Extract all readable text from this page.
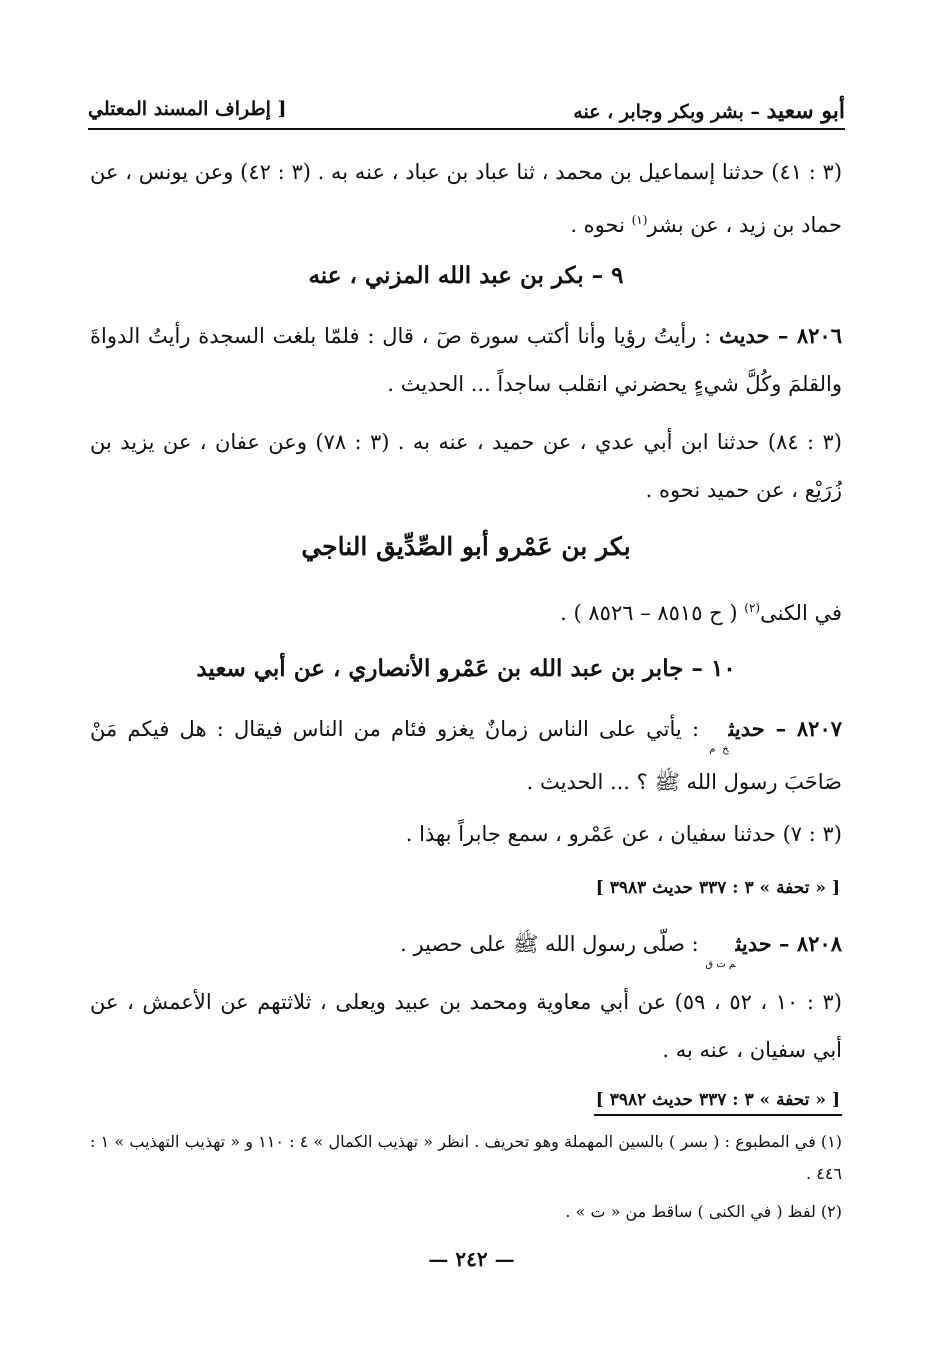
أبو سعيد – بشر وبكر وجابر ، عنه
[ إطراف المسند المعتلي
(٣ : ٤١) حدثنا إسماعيل بن محمد ، ثنا عباد بن عباد ، عنه به . (٣ : ٤٢) وعن يونس ، عن حماد بن زيد ، عن بشر$^{(١)}$ نحوه .
٩ – بكر بن عبد الله المزني ، عنه
٨٢٠٦ – حديث : رأيتُ رؤيا وأنا أكتب سورة صٓ ، قال : فلمّا بلغت السجدة رأيتُ الدواةَ والقلمَ وكُلَّ شيءٍ يحضرني انقلب ساجداً ... الحديث .
(٣ : ٨٤) حدثنا ابن أبي عدي ، عن حميد ، عنه به . (٣ : ٧٨) وعن عفان ، عن يزيد بن زُرَيْع ، عن حميد نحوه .
بكر بن عَمْرو أبو الصِّدِّيق الناجي
في الكنى$^{(٢)}$ ( ح ٨٥١٥ – ٨٥٢٦ ) .
١٠ – جابر بن عبد الله بن عَمْرو الأنصاري ، عن أبي سعيد
٨٢٠٧ – حديث$_{خ م}$ : يأتي على الناس زمانٌ يغزو فئام من الناس فيقال : هل فيكم مَنْ صَاحَبَ رسول الله ﷺ ؟ ... الحديث .
(٣ : ٧) حدثنا سفيان ، عن عَمْرو ، سمع جابراً بهذا .
[ « تحفة » ٣ : ٣٣٧ حديث ٣٩٨٣ ]
٨٢٠٨ – حديث$_{م ت ق}$ : صلّى رسول الله ﷺ على حصير .
(٣ : ١٠ ، ٥٢ ، ٥٩) عن أبي معاوية ومحمد بن عبيد ويعلى ، ثلاثتهم عن الأعمش ، عن أبي سفيان ، عنه به .
[ « تحفة » ٣ : ٣٣٧ حديث ٣٩٨٢ ]
(١) في المطبوع : ( بسر ) بالسين المهملة وهو تحريف . انظر « تهذيب الكمال » ٤ : ١١٠ و « تهذيب التهذيب » ١ : ٤٤٦ .
(٢) لفظ ( في الكنى ) ساقط من « ت » .
— ٢٤٢ —
